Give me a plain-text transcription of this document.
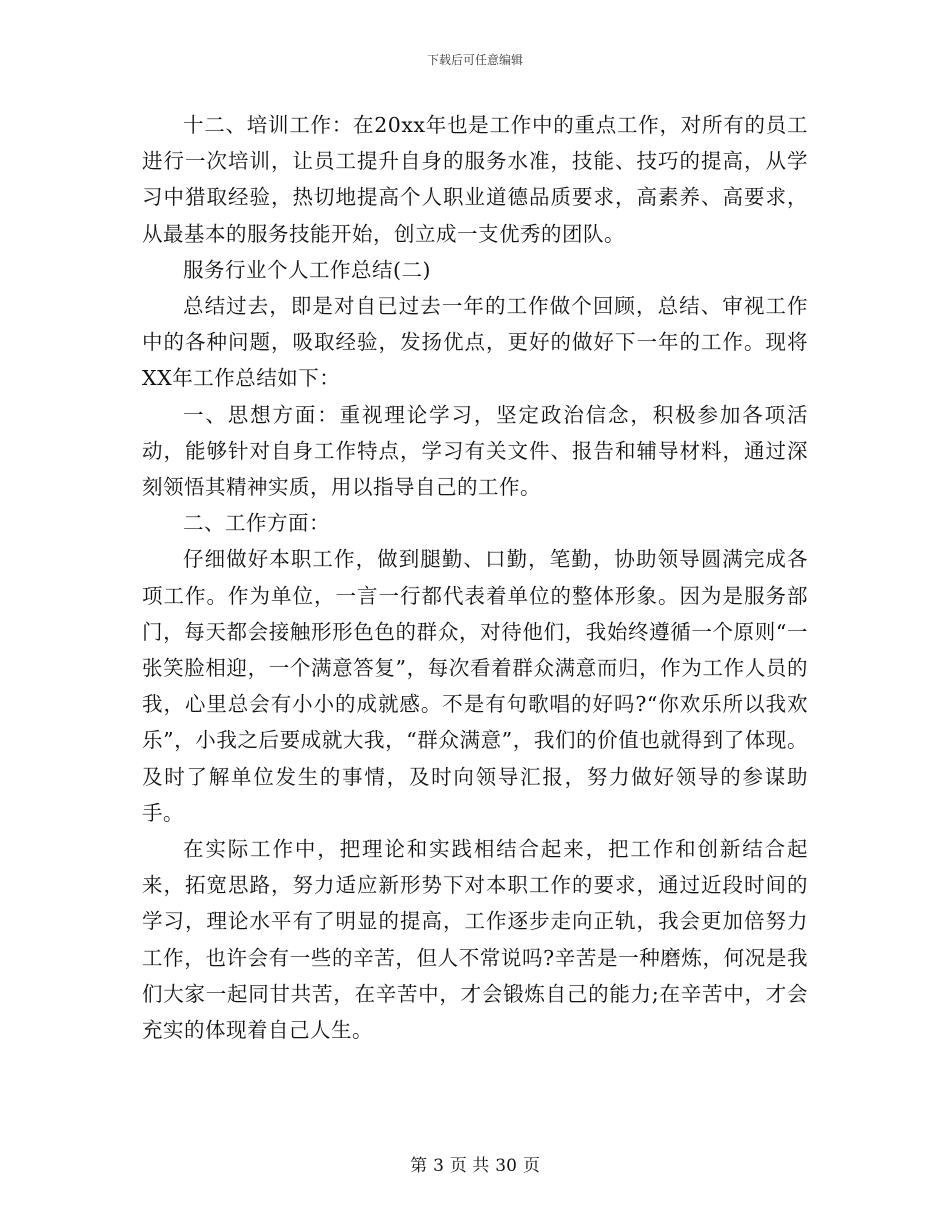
下载后可任意编辑

十二、培训工作：在20xx年也是工作中的重点工作，对所有的员工进行一次培训，让员工提升自身的服务水准，技能、技巧的提高，从学习中猎取经验，热切地提高个人职业道德品质要求，高素养、高要求，从最基本的服务技能开始，创立成一支优秀的团队。

服务行业个人工作总结(二)

总结过去，即是对自已过去一年的工作做个回顾，总结、审视工作中的各种问题，吸取经验，发扬优点，更好的做好下一年的工作。现将XX年工作总结如下：

一、思想方面：重视理论学习，坚定政治信念，积极参加各项活动，能够针对自身工作特点，学习有关文件、报告和辅导材料，通过深刻领悟其精神实质，用以指导自己的工作。

二、工作方面：

仔细做好本职工作，做到腿勤、口勤，笔勤，协助领导圆满完成各项工作。作为单位，一言一行都代表着单位的整体形象。因为是服务部门，每天都会接触形形色色的群众，对待他们，我始终遵循一个原则“一张笑脸相迎，一个满意答复”，每次看着群众满意而归，作为工作人员的我，心里总会有小小的成就感。不是有句歌唱的好吗?“你欢乐所以我欢乐”，小我之后要成就大我，“群众满意”，我们的价值也就得到了体现。及时了解单位发生的事情，及时向领导汇报，努力做好领导的参谋助手。

在实际工作中，把理论和实践相结合起来，把工作和创新结合起来，拓宽思路，努力适应新形势下对本职工作的要求，通过近段时间的学习，理论水平有了明显的提高，工作逐步走向正轨，我会更加倍努力工作，也许会有一些的辛苦，但人不常说吗?辛苦是一种磨炼，何况是我们大家一起同甘共苦，在辛苦中，才会锻炼自己的能力;在辛苦中，才会充实的体现着自己人生。

第 3 页 共 30 页
